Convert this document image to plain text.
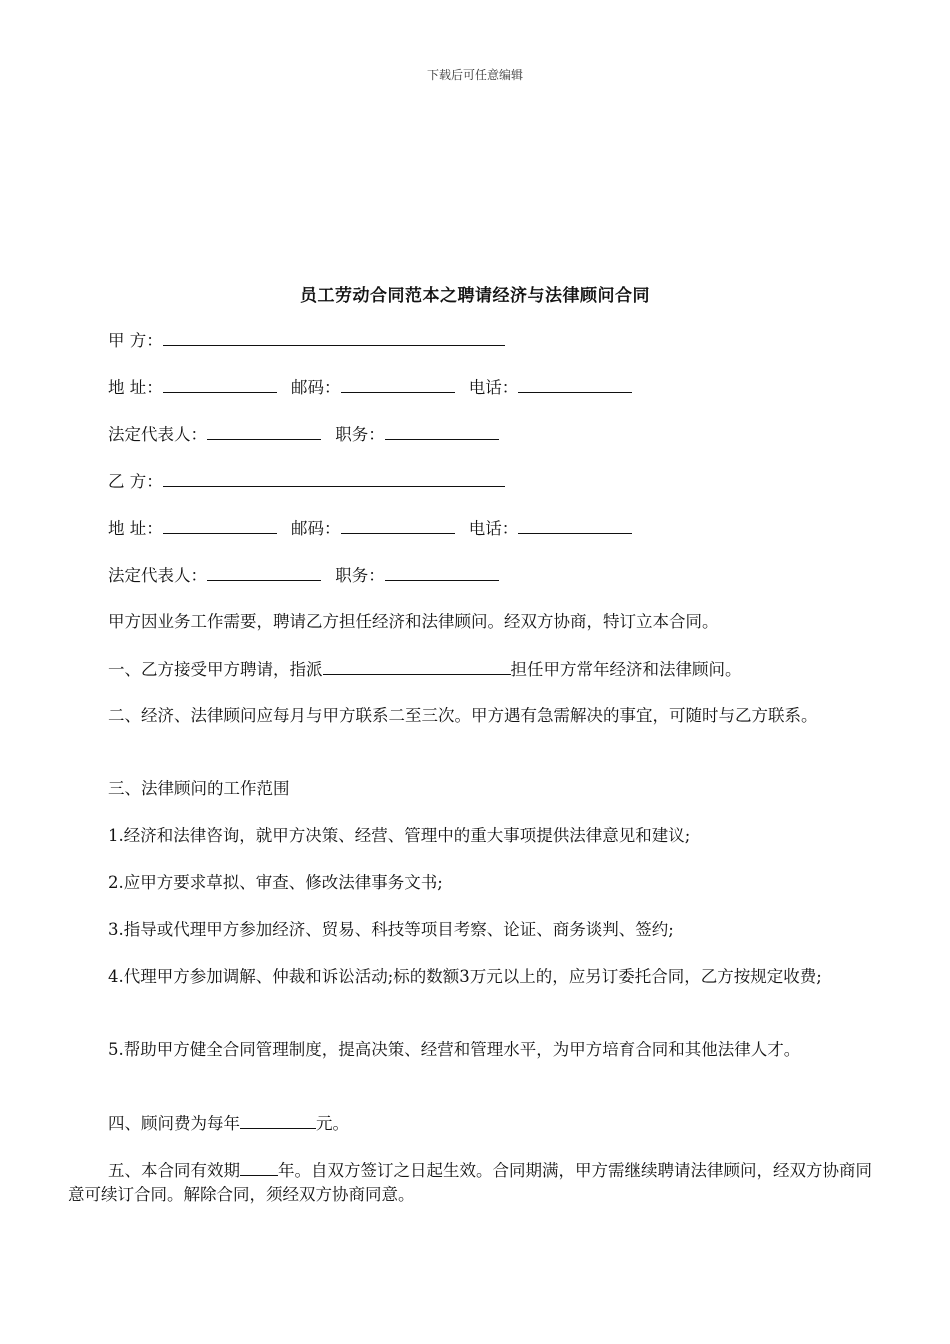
下载后可任意编辑
员工劳动合同范本之聘请经济与法律顾问合同
甲 方：
地 址：	邮码：	电话：
法定代表人：	职务：
乙 方：
地 址：	邮码：	电话：
法定代表人：	职务：
甲方因业务工作需要，聘请乙方担任经济和法律顾问。经双方协商，特订立本合同。
一、乙方接受甲方聘请，指派	担任甲方常年经济和法律顾问。
二、经济、法律顾问应每月与甲方联系二至三次。甲方遇有急需解决的事宜，可随时与乙方联系。
三、法律顾问的工作范围
1.经济和法律咨询，就甲方决策、经营、管理中的重大事项提供法律意见和建议;
2.应甲方要求草拟、审查、修改法律事务文书;
3.指导或代理甲方参加经济、贸易、科技等项目考察、论证、商务谈判、签约;
4.代理甲方参加调解、仲裁和诉讼活动;标的数额3万元以上的，应另订委托合同，乙方按规定收费;
5.帮助甲方健全合同管理制度，提高决策、经营和管理水平，为甲方培育合同和其他法律人才。
四、顾问费为每年	元。
五、本合同有效期 年。自双方签订之日起生效。合同期满，甲方需继续聘请法律顾问，经双方协商同意可续订合同。解除合同，须经双方协商同意。
